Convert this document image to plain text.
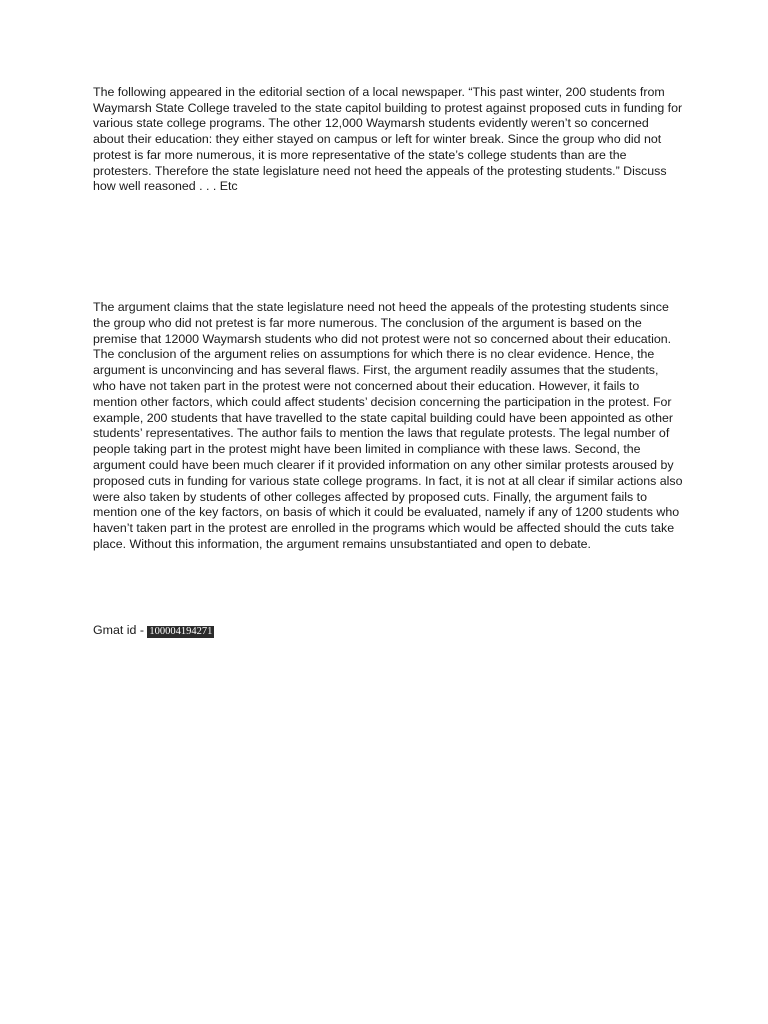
The following appeared in the editorial section of a local newspaper. “This past winter, 200 students from Waymarsh State College traveled to the state capitol building to protest against proposed cuts in funding for various state college programs. The other 12,000 Waymarsh students evidently weren’t so concerned about their education: they either stayed on campus or left for winter break. Since the group who did not protest is far more numerous, it is more representative of the state’s college students than are the protesters. Therefore the state legislature need not heed the appeals of the protesting students.” Discuss how well reasoned . . . Etc

The argument claims that the state legislature need not heed the appeals of the protesting students since the group who did not pretest is far more numerous. The conclusion of the argument is based on the premise that 12000 Waymarsh students who did not protest were not so concerned about their education. The conclusion of the argument relies on assumptions for which there is no clear evidence. Hence, the argument is unconvincing and has several flaws. First, the argument readily assumes that the students, who have not taken part in the protest were not concerned about their education. However, it fails to mention other factors, which could affect students’ decision concerning the participation in the protest. For example, 200 students that have travelled to the state capital building could have been appointed as other students’ representatives. The author fails to mention the laws that regulate protests. The legal number of people taking part in the protest might have been limited in compliance with these laws. Second, the argument could have been much clearer if it provided information on any other similar protests aroused by proposed cuts in funding for various state college programs. In fact, it is not at all clear if similar actions also were also taken by students of other colleges affected by proposed cuts. Finally, the argument fails to mention one of the key factors, on basis of which it could be evaluated, namely if any of 1200 students who haven’t taken part in the protest are enrolled in the programs which would be affected should the cuts take place. Without this information, the argument remains unsubstantiated and open to debate.

Gmat id - 100004194271
